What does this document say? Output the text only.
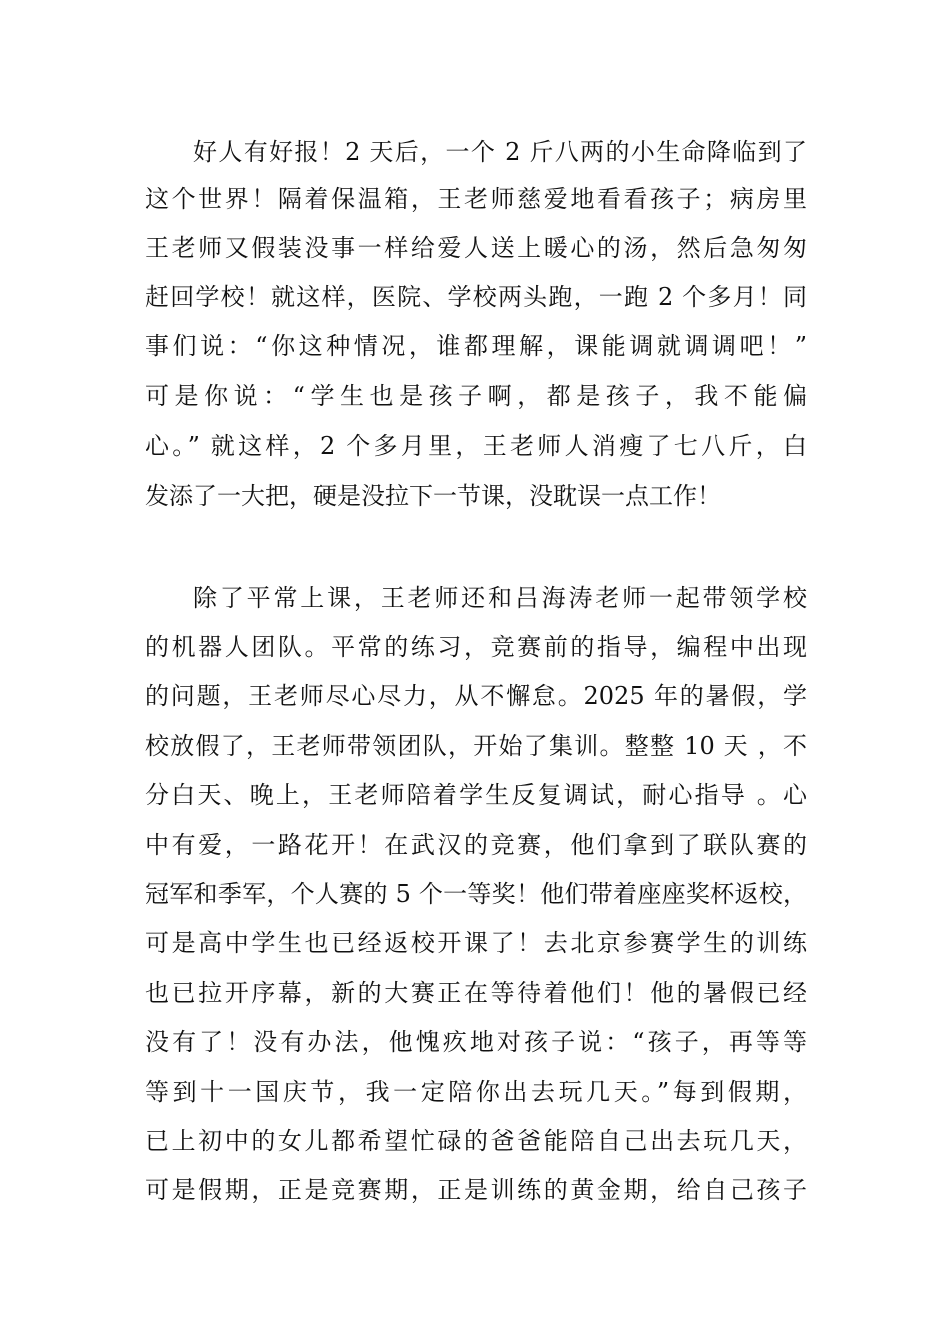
好人有好报！2 天后，一个 2 斤八两的小生命降临到了
这个世界！隔着保温箱，王老师慈爱地看看孩子；病房里
王老师又假装没事一样给爱人送上暖心的汤，然后急匆匆
赶回学校！就这样，医院、学校两头跑，一跑 2 个多月！同
事们说：“你这种情况，谁都理解，课能调就调调吧！”
可是你说：“学生也是孩子啊，都是孩子，我不能偏
心。” 就这样，2 个多月里，王老师人消瘦了七八斤，白
发添了一大把，硬是没拉下一节课，没耽误一点工作！
除了平常上课，王老师还和吕海涛老师一起带领学校
的机器人团队。平常的练习，竞赛前的指导，编程中出现
的问题，王老师尽心尽力，从不懈怠。2025 年的暑假，学
校放假了，王老师带领团队，开始了集训。整整 10 天 ，不
分白天、晚上，王老师陪着学生反复调试，耐心指导 。心
中有爱，一路花开！在武汉的竞赛，他们拿到了联队赛的
冠军和季军，个人赛的 5 个一等奖！他们带着座座奖杯返校，
可是高中学生也已经返校开课了！去北京参赛学生的训练
也已拉开序幕，新的大赛正在等待着他们！他的暑假已经
没有了！没有办法，他愧疚地对孩子说：“孩子，再等等
等到十一国庆节，我一定陪你出去玩几天。”每到假期，
已上初中的女儿都希望忙碌的爸爸能陪自己出去玩几天，
可是假期，正是竞赛期，正是训练的黄金期，给自己孩子
